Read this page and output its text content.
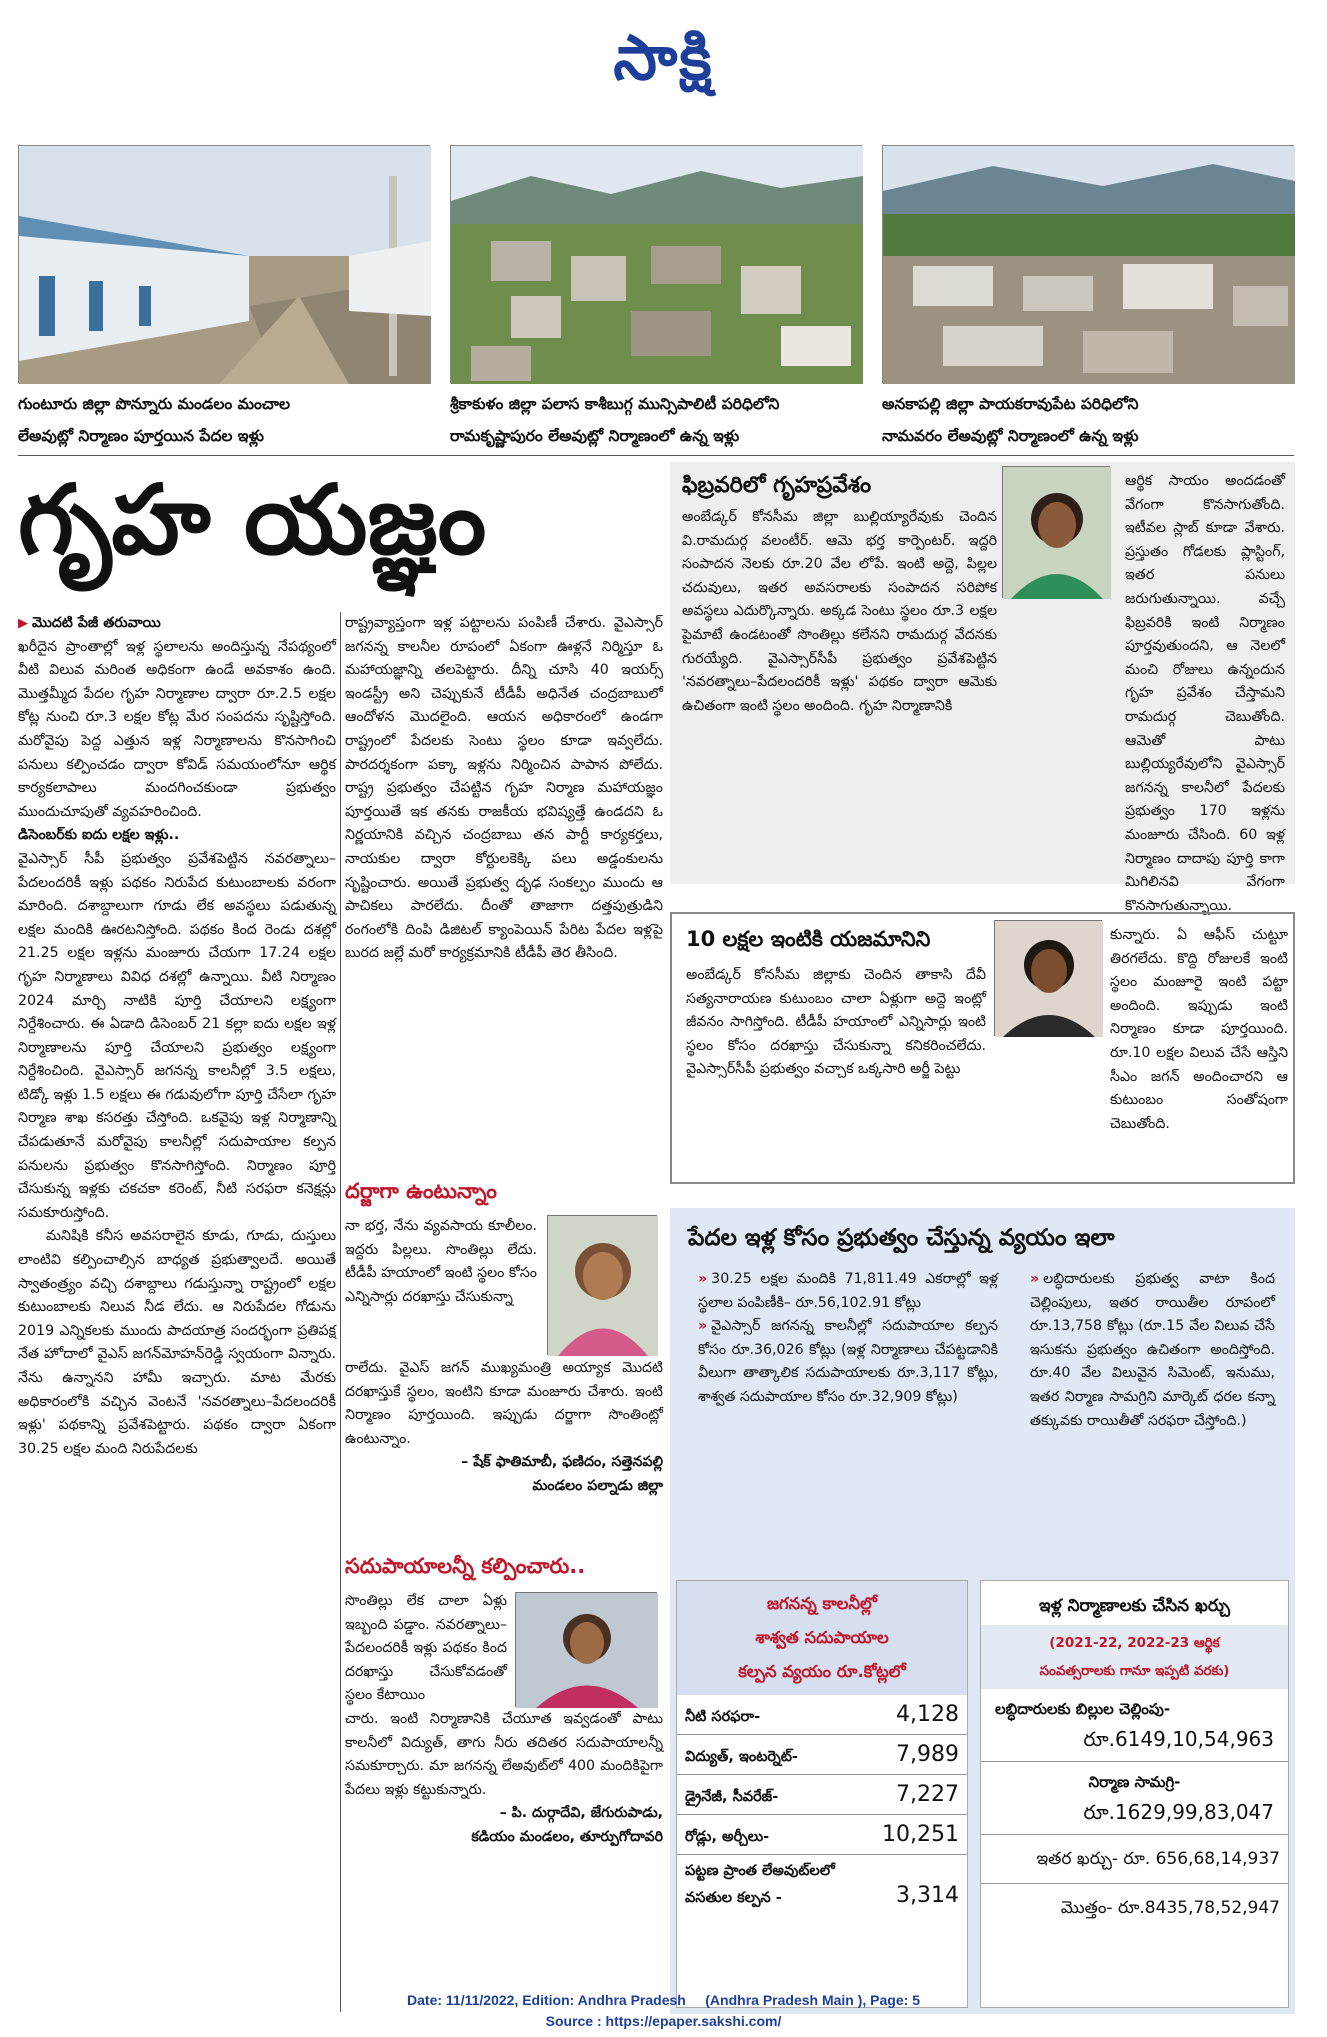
సాక్షి
గుంటూరు జిల్లా పొన్నూరు మండలం మంచాల
లేఅవుట్లో నిర్మాణం పూర్తయిన పేదల ఇళ్లు
శ్రీకాకుళం జిల్లా పలాస కాశీబుగ్గ మున్సిపాలిటీ పరిధిలోని
రామకృష్ణాపురం లేఅవుట్లో నిర్మాణంలో ఉన్న ఇళ్లు
అనకాపల్లి జిల్లా పాయకరావుపేట పరిధిలోని
నామవరం లేఅవుట్లో నిర్మాణంలో ఉన్న ఇళ్లు
గృహ యజ్ఞం

▶ మొదటి పేజీ తరువాయి

ఖరీదైన ప్రాంతాల్లో ఇళ్ల స్థలాలను అందిస్తున్న నేపథ్యంలో వీటి విలువ మరింత అధికంగా ఉండే అవకాశం ఉంది. మొత్తమ్మీద పేదల గృహ నిర్మాణాల ద్వారా రూ.2.5 లక్షల కోట్ల నుంచి రూ.3 లక్షల కోట్ల మేర సంపదను సృష్టిస్తోంది. మరోవైపు పెద్ద ఎత్తున ఇళ్ల నిర్మాణాలను కొనసాగించి పనులు కల్పించడం ద్వారా కోవిడ్ సమయంలోనూ ఆర్థిక కార్యకలాపాలు మందగించకుండా ప్రభుత్వం ముందుచూపుతో వ్యవహరించింది.

డిసెంబర్‌కు ఐదు లక్షల ఇళ్లు..

వైఎస్సార్ సీపీ ప్రభుత్వం ప్రవేశపెట్టిన నవరత్నాలు–పేదలందరికీ ఇళ్లు పథకం నిరుపేద కుటుంబాలకు వరంగా మారింది. దశాబ్దాలుగా గూడు లేక అవస్థలు పడుతున్న లక్షల మందికి ఊరటనిస్తోంది. పథకం కింద రెండు దశల్లో 21.25 లక్షల ఇళ్లను మంజూరు చేయగా 17.24 లక్షల గృహ నిర్మాణాలు వివిధ దశల్లో ఉన్నాయి. వీటి నిర్మాణం 2024 మార్చి నాటికి పూర్తి చేయాలని లక్ష్యంగా నిర్దేశించారు. ఈ ఏడాది డిసెంబర్ 21 కల్లా ఐదు లక్షల ఇళ్ల నిర్మాణాలను పూర్తి చేయాలని ప్రభుత్వం లక్ష్యంగా నిర్దేశించింది. వైఎస్సార్ జగనన్న కాలనీల్లో 3.5 లక్షలు, టిడ్కో ఇళ్లు 1.5 లక్షలు ఈ గడువులోగా పూర్తి చేసేలా గృహ నిర్మాణ శాఖ కసరత్తు చేస్తోంది. ఒకవైపు ఇళ్ల నిర్మాణాన్ని చేపడుతూనే మరోవైపు కాలనీల్లో సదుపాయాల కల్పన పనులను ప్రభుత్వం కొనసాగిస్తోంది. నిర్మాణం పూర్తి చేసుకున్న ఇళ్లకు చకచకా కరెంట్, నీటి సరఫరా కనెక్షన్లు సమకూరుస్తోంది.

మనిషికి కనీస అవసరాలైన కూడు, గూడు, దుస్తులు లాంటివి కల్పించాల్సిన బాధ్యత ప్రభుత్వాలదే. అయితే స్వాతంత్ర్యం వచ్చి దశాబ్దాలు గడుస్తున్నా రాష్ట్రంలో లక్షల కుటుంబాలకు నిలువ నీడ లేదు. ఆ నిరుపేదల గోడును 2019 ఎన్నికలకు ముందు పాదయాత్ర సందర్భంగా ప్రతిపక్ష నేత హోదాలో వైఎస్ జగన్‌మోహన్‌రెడ్డి స్వయంగా విన్నారు. నేను ఉన్నానని హామీ ఇచ్చారు. మాట మేరకు అధికారంలోకి వచ్చిన వెంటనే 'నవరత్నాలు–పేదలందరికీ ఇళ్లు' పథకాన్ని ప్రవేశపెట్టారు. పథకం ద్వారా ఏకంగా 30.25 లక్షల మంది నిరుపేదలకు

రాష్ట్రవ్యాప్తంగా ఇళ్ల పట్టాలను పంపిణీ చేశారు. వైఎస్సార్ జగనన్న కాలనీల రూపంలో ఏకంగా ఊళ్లనే నిర్మిస్తూ ఓ మహాయజ్ఞాన్ని తలపెట్టారు. దీన్ని చూసి 40 ఇయర్స్ ఇండస్ట్రీ అని చెప్పుకునే టీడీపీ అధినేత చంద్రబాబులో ఆందోళన మొదలైంది. ఆయన అధికారంలో ఉండగా రాష్ట్రంలో పేదలకు సెంటు స్థలం కూడా ఇవ్వలేదు. పారదర్శకంగా పక్కా ఇళ్లను నిర్మించిన పాపాన పోలేదు. రాష్ట్ర ప్రభుత్వం చేపట్టిన గృహ నిర్మాణ మహాయజ్ఞం పూర్తయితే ఇక తనకు రాజకీయ భవిష్యత్తే ఉండదని ఓ నిర్ణయానికి వచ్చిన చంద్రబాబు తన పార్టీ కార్యకర్తలు, నాయకుల ద్వారా కోర్టులకెక్కి పలు అడ్డంకులను సృష్టించారు. అయితే ప్రభుత్వ దృఢ సంకల్పం ముందు ఆ పాచికలు పారలేదు. దీంతో తాజాగా దత్తపుత్రుడిని రంగంలోకి దింపి డిజిటల్ క్యాంపెయిన్ పేరిట పేదల ఇళ్లపై బురద జల్లే మరో కార్యక్రమానికి టీడీపీ తెర తీసింది.

దర్జాగా ఉంటున్నాం

నా భర్త, నేను వ్యవసాయ కూలీలం. ఇద్దరు పిల్లలు. సొంతిల్లు లేదు. టీడీపీ హయాంలో ఇంటి స్థలం కోసం ఎన్నిసార్లు దరఖాస్తు చేసుకున్నా

రాలేదు. వైఎస్ జగన్ ముఖ్యమంత్రి అయ్యాక మొదటి దరఖాస్తుకే స్థలం, ఇంటిని కూడా మంజూరు చేశారు. ఇంటి నిర్మాణం పూర్తయింది. ఇప్పుడు దర్జాగా సొంతింట్లో ఉంటున్నాం.

– షేక్ ఫాతిమాబీ, ఫణిదం, సత్తెనపల్లి

మండలం పల్నాడు జిల్లా

సదుపాయాలన్నీ కల్పించారు..

సొంతిల్లు లేక చాలా ఏళ్లు ఇబ్బంది పడ్డాం. నవరత్నాలు–పేదలందరికీ ఇళ్లు పథకం కింద దరఖాస్తు చేసుకోవడంతో స్థలం కేటాయిం

చారు. ఇంటి నిర్మాణానికి చేయూత ఇవ్వడంతో పాటు కాలనీలో విద్యుత్, తాగు నీరు తదితర సదుపాయాలన్నీ సమకూర్చారు. మా జగనన్న లేఅవుట్‌లో 400 మందికిపైగా పేదలు ఇళ్లు కట్టుకున్నారు.

– పి. దుర్గాదేవి, జేగురుపాడు,

కడియం మండలం, తూర్పుగోదావరి

ఫిబ్రవరిలో గృహప్రవేశం
అంబేడ్కర్ కోనసీమ జిల్లా బుల్లియ్యారేవుకు చెందిన వి.రామదుర్గ వలంటీర్. ఆమె భర్త కార్పెంటర్. ఇద్దరి సంపాదన నెలకు రూ.20 వేల లోపే. ఇంటి అద్దె, పిల్లల చదువులు, ఇతర అవసరాలకు సంపాదన సరిపోక అవస్థలు ఎదుర్కొన్నారు. అక్కడ సెంటు స్థలం రూ.3 లక్షల పైమాటే ఉండటంతో సొంతిల్లు కలేనని రామదుర్గ వేదనకు గురయ్యేది. వైఎస్సార్‌సీపీ ప్రభుత్వం ప్రవేశపెట్టిన 'నవరత్నాలు–పేదలందరికీ ఇళ్లు' పథకం ద్వారా ఆమెకు ఉచితంగా ఇంటి స్థలం అందింది. గృహ నిర్మాణానికి
ఆర్థిక సాయం అందడంతో వేగంగా కొనసాగుతోంది. ఇటీవల స్లాబ్ కూడా వేశారు. ప్రస్తుతం గోడలకు ప్లాస్టింగ్, ఇతర పనులు జరుగుతున్నాయి. వచ్చే ఫిబ్రవరికి ఇంటి నిర్మాణం పూర్తవుతుందని, ఆ నెలలో మంచి రోజులు ఉన్నందున గృహ ప్రవేశం చేస్తామని రామదుర్గ చెబుతోంది. ఆమెతో పాటు బుల్లియ్యరేవులోని వైఎస్సార్ జగనన్న కాలనీలో పేదలకు ప్రభుత్వం 170 ఇళ్లను మంజూరు చేసింది. 60 ఇళ్ల నిర్మాణం దాదాపు పూర్తి కాగా మిగిలినవి వేగంగా కొనసాగుతున్నాయి.
10 లక్షల ఇంటికి యజమానిని
అంబేడ్కర్ కోనసీమ జిల్లాకు చెందిన తాకాసి దేవీ సత్యనారాయణ కుటుంబం చాలా ఏళ్లుగా అద్దె ఇంట్లో జీవనం సాగిస్తోంది. టీడీపీ హయాంలో ఎన్నిసార్లు ఇంటి స్థలం కోసం దరఖాస్తు చేసుకున్నా కనికరించలేదు. వైఎస్సార్‌సీపీ ప్రభుత్వం వచ్చాక ఒక్కసారి అర్జీ పెట్టు
కున్నారు. ఏ ఆఫీస్ చుట్టూ తిరగలేదు. కొద్ది రోజులకే ఇంటి స్థలం మంజూరై ఇంటి పట్టా అందింది. ఇప్పుడు ఇంటి నిర్మాణం కూడా పూర్తయింది. రూ.10 లక్షల విలువ చేసే ఆస్తిని సీఎం జగన్ అందించారని ఆ కుటుంబం సంతోషంగా చెబుతోంది.
పేదల ఇళ్ల కోసం ప్రభుత్వం చేస్తున్న వ్యయం ఇలా

» 30.25 లక్షల మందికి 71,811.49 ఎకరాల్లో ఇళ్ల స్థలాల పంపిణీకి– రూ.56,102.91 కోట్లు

» వైఎస్సార్ జగనన్న కాలనీల్లో సదుపాయాల కల్పన కోసం రూ.36,026 కోట్లు (ఇళ్ల నిర్మాణాలు చేపట్టడానికి వీలుగా తాత్కాలిక సదుపాయాలకు రూ.3,117 కోట్లు, శాశ్వత సదుపాయాల కోసం రూ.32,909 కోట్లు)

» లబ్ధిదారులకు ప్రభుత్వ వాటా కింద చెల్లింపులు, ఇతర రాయితీల రూపంలో రూ.13,758 కోట్లు (రూ.15 వేల విలువ చేసే ఇసుకను ప్రభుత్వం ఉచితంగా అందిస్తోంది. రూ.40 వేల విలువైన సిమెంట్, ఇనుము, ఇతర నిర్మాణ సామగ్రిని మార్కెట్ ధరల కన్నా తక్కువకు రాయితీతో సరఫరా చేస్తోంది.)

జగనన్న కాలనీల్లో
శాశ్వత సదుపాయాల
కల్పన వ్యయం రూ.కోట్లలో
నీటి సరఫరా-	4,128
విద్యుత్, ఇంటర్నెట్-	7,989
డ్రైనేజీ, సీవరేజ్-	7,227
రోడ్లు, అర్చీలు-	10,251
పట్టణ ప్రాంత లేఅవుట్‌లలో
వసతుల కల్పన -	3,314
ఇళ్ల నిర్మాణాలకు చేసిన ఖర్చు
(2021-22, 2022-23 ఆర్థిక
సంవత్సరాలకు గానూ ఇప్పటి వరకు)
లబ్ధిదారులకు బిల్లుల చెల్లింపు-
రూ.6149,10,54,963
నిర్మాణ సామగ్రి-
రూ.1629,99,83,047
ఇతర ఖర్చు- రూ. 656,68,14,937
మొత్తం- రూ.8435,78,52,947
Date: 11/11/2022, Edition: Andhra Pradesh     (Andhra Pradesh Main ), Page: 5
Source : https://epaper.sakshi.com/
